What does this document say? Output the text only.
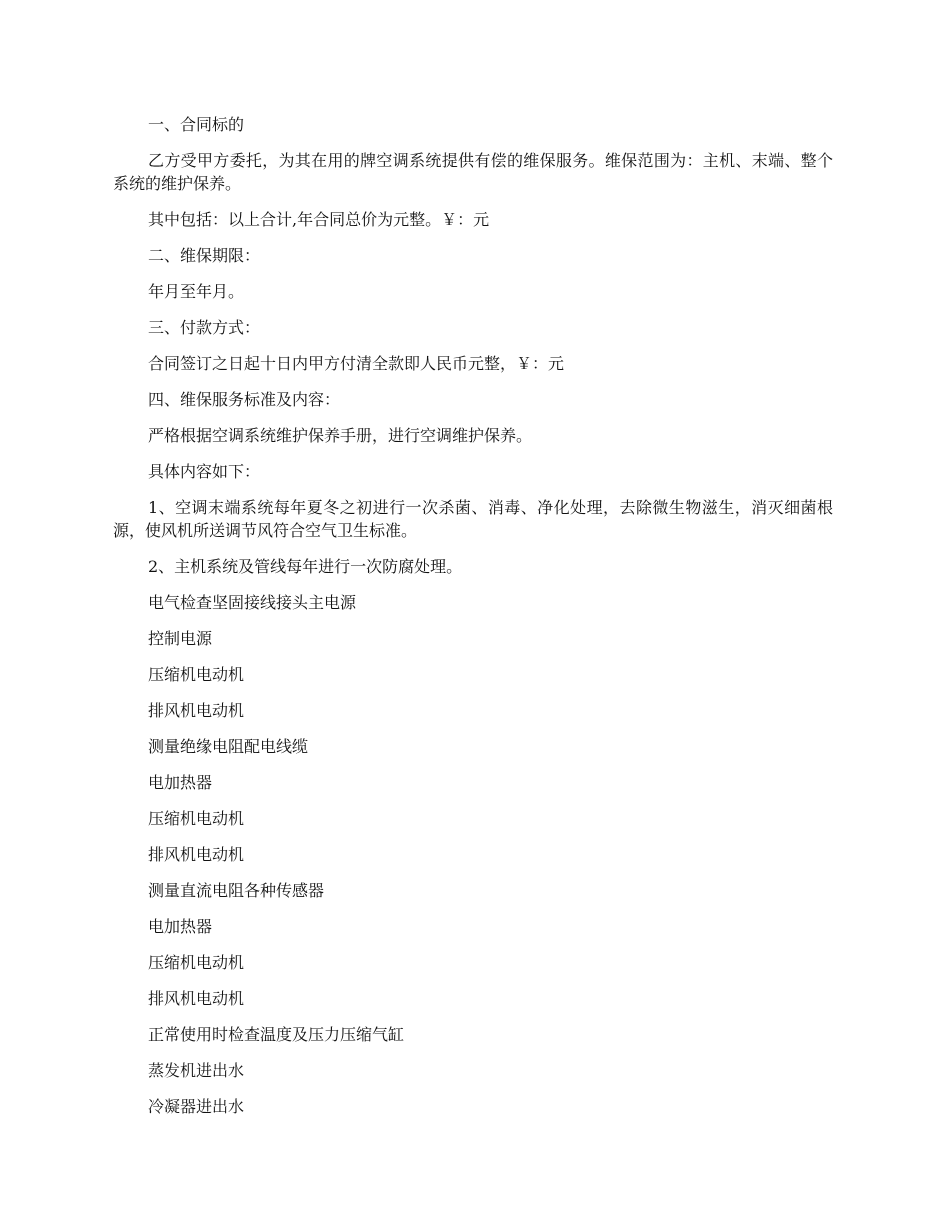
一、合同标的

乙方受甲方委托，为其在用的牌空调系统提供有偿的维保服务。维保范围为：主机、末端、整个系统的维护保养。

其中包括：以上合计,年合同总价为元整。￥：元

二、维保期限：

年月至年月。

三、付款方式：

合同签订之日起十日内甲方付清全款即人民币元整，￥：元

四、维保服务标准及内容：

严格根据空调系统维护保养手册，进行空调维护保养。

具体内容如下：

1、空调末端系统每年夏冬之初进行一次杀菌、消毒、净化处理，去除微生物滋生，消灭细菌根源，使风机所送调节风符合空气卫生标准。

2、主机系统及管线每年进行一次防腐处理。

电气检查坚固接线接头主电源

控制电源

压缩机电动机

排风机电动机

测量绝缘电阻配电线缆

电加热器

压缩机电动机

排风机电动机

测量直流电阻各种传感器

电加热器

压缩机电动机

排风机电动机

正常使用时检查温度及压力压缩气缸

蒸发机进出水

冷凝器进出水
